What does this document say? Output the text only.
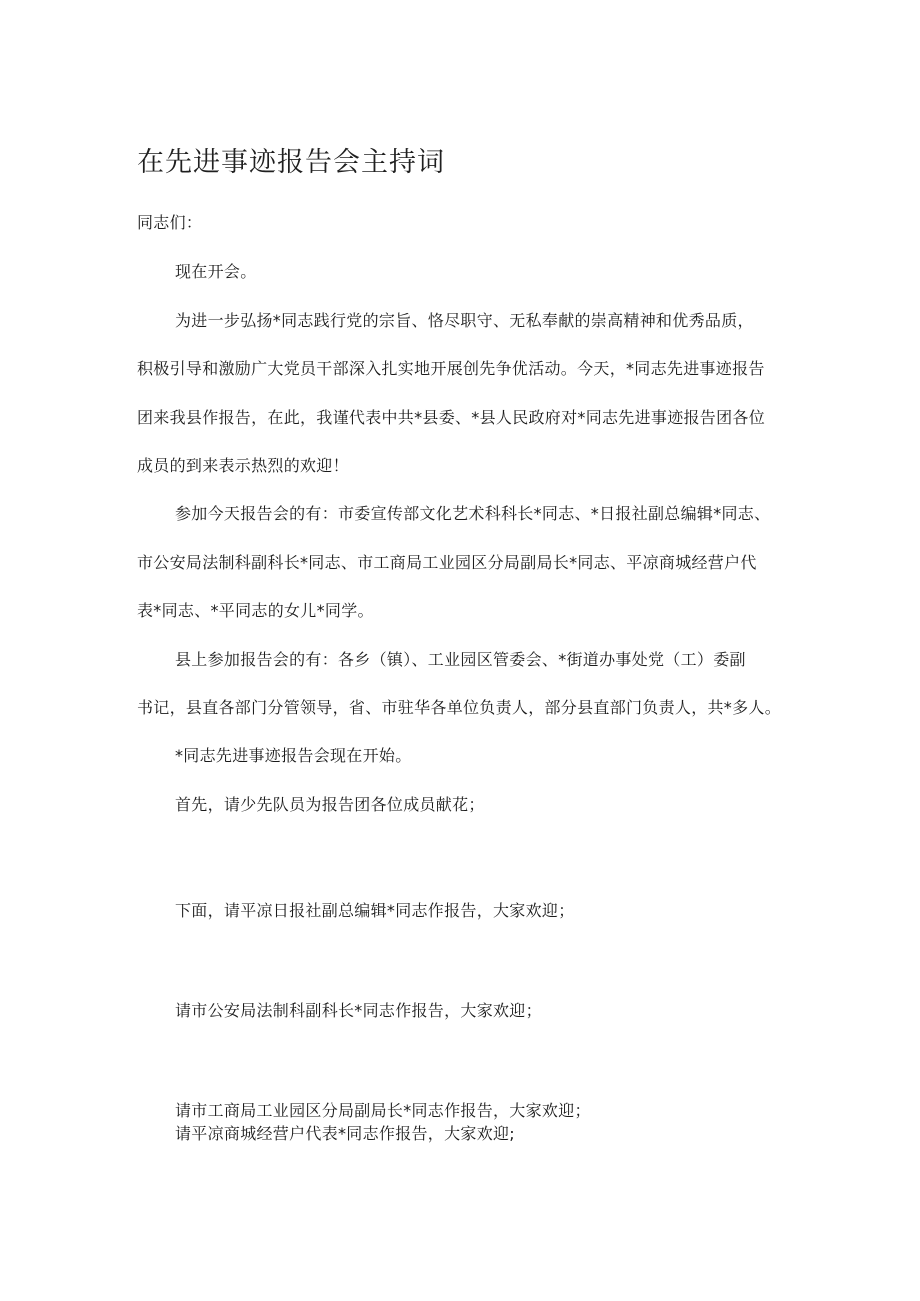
在先进事迹报告会主持词
同志们：
现在开会。
为进一步弘扬*同志践行党的宗旨、恪尽职守、无私奉献的崇高精神和优秀品质，
积极引导和激励广大党员干部深入扎实地开展创先争优活动。今天，*同志先进事迹报告
团来我县作报告，在此，我谨代表中共*县委、*县人民政府对*同志先进事迹报告团各位
成员的到来表示热烈的欢迎！
参加今天报告会的有：市委宣传部文化艺术科科长*同志、*日报社副总编辑*同志、
市公安局法制科副科长*同志、市工商局工业园区分局副局长*同志、平凉商城经营户代
表*同志、*平同志的女儿*同学。
县上参加报告会的有：各乡（镇）、工业园区管委会、*街道办事处党（工）委副
书记，县直各部门分管领导，省、市驻华各单位负责人，部分县直部门负责人，共*多人。
*同志先进事迹报告会现在开始。
首先，请少先队员为报告团各位成员献花；
下面，请平凉日报社副总编辑*同志作报告，大家欢迎；
请市公安局法制科副科长*同志作报告，大家欢迎；
请市工商局工业园区分局副局长*同志作报告，大家欢迎；
请平凉商城经营户代表*同志作报告，大家欢迎;
